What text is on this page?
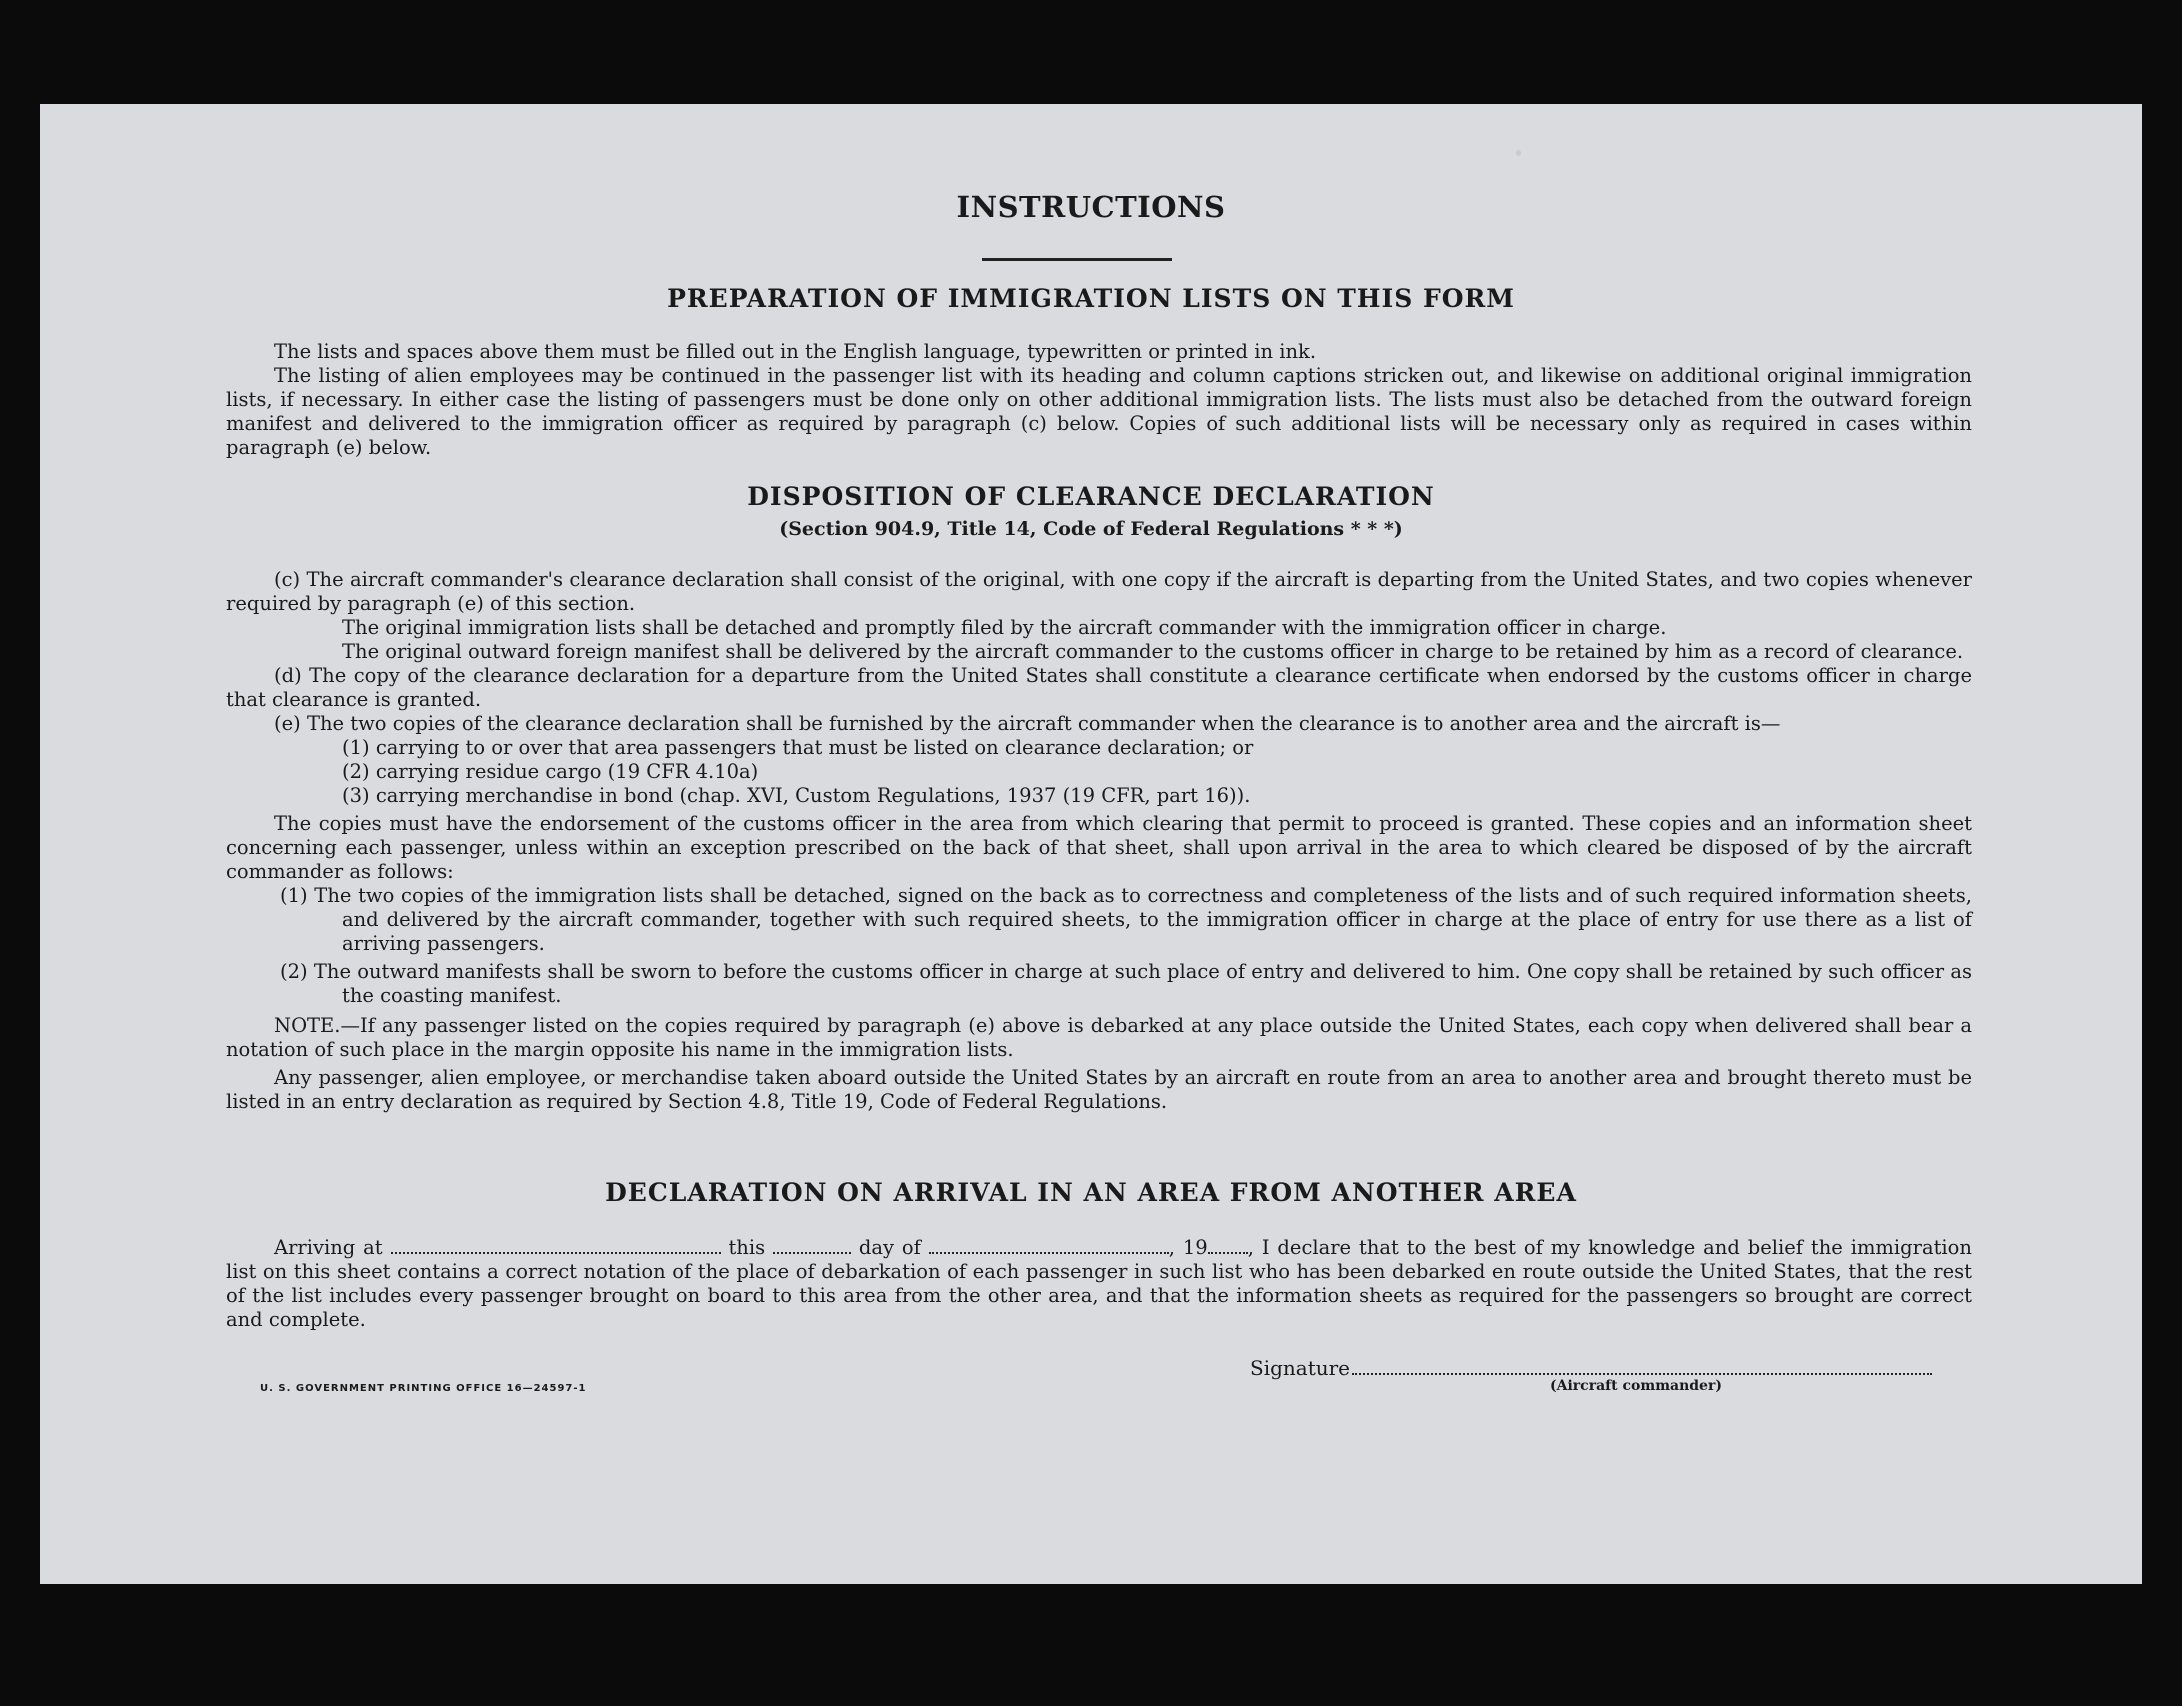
INSTRUCTIONS
PREPARATION OF IMMIGRATION LISTS ON THIS FORM

The lists and spaces above them must be filled out in the English language, typewritten or printed in ink.

The listing of alien employees may be continued in the passenger list with its heading and column captions stricken out, and likewise on additional original immigration lists, if necessary. In either case the listing of passengers must be done only on other additional immigration lists. The lists must also be detached from the outward foreign manifest and delivered to the immigration officer as required by paragraph (c) below. Copies of such additional lists will be necessary only as required in cases within paragraph (e) below.

DISPOSITION OF CLEARANCE DECLARATION
(Section 904.9, Title 14, Code of Federal Regulations * * *)

(c) The aircraft commander's clearance declaration shall consist of the original, with one copy if the aircraft is departing from the United States, and two copies whenever required by paragraph (e) of this section.

The original immigration lists shall be detached and promptly filed by the aircraft commander with the immigration officer in charge.

The original outward foreign manifest shall be delivered by the aircraft commander to the customs officer in charge to be retained by him as a record of clearance.

(d) The copy of the clearance declaration for a departure from the United States shall constitute a clearance certificate when endorsed by the customs officer in charge that clearance is granted.

(e) The two copies of the clearance declaration shall be furnished by the aircraft commander when the clearance is to another area and the aircraft is—

(1) carrying to or over that area passengers that must be listed on clearance declaration; or

(2) carrying residue cargo (19 CFR 4.10a)

(3) carrying merchandise in bond (chap. XVI, Custom Regulations, 1937 (19 CFR, part 16)).

The copies must have the endorsement of the customs officer in the area from which clearing that permit to proceed is granted. These copies and an information sheet concerning each passenger, unless within an exception prescribed on the back of that sheet, shall upon arrival in the area to which cleared be disposed of by the aircraft commander as follows:

(1) The two copies of the immigration lists shall be detached, signed on the back as to correctness and completeness of the lists and of such required information sheets, and delivered by the aircraft commander, together with such required sheets, to the immigration officer in charge at the place of entry for use there as a list of arriving passengers.

(2) The outward manifests shall be sworn to before the customs officer in charge at such place of entry and delivered to him. One copy shall be retained by such officer as the coasting manifest.

NOTE.—If any passenger listed on the copies required by paragraph (e) above is debarked at any place outside the United States, each copy when delivered shall bear a notation of such place in the margin opposite his name in the immigration lists.

Any passenger, alien employee, or merchandise taken aboard outside the United States by an aircraft en route from an area to another area and brought thereto must be listed in an entry declaration as required by Section 4.8, Title 19, Code of Federal Regulations.

DECLARATION ON ARRIVAL IN AN AREA FROM ANOTHER AREA

Arriving at	this	day of	, 19 , I declare that to the best of my knowledge and belief the immigration list on this sheet contains a correct notation of the place of debarkation of each passenger in such list who has been debarked en route outside the United States, that the rest of the list includes every passenger brought on board to this area from the other area, and that the information sheets as required for the passengers so brought are correct and complete.

U. S. GOVERNMENT PRINTING OFFICE 16—24597-1
Signature
(Aircraft commander)
